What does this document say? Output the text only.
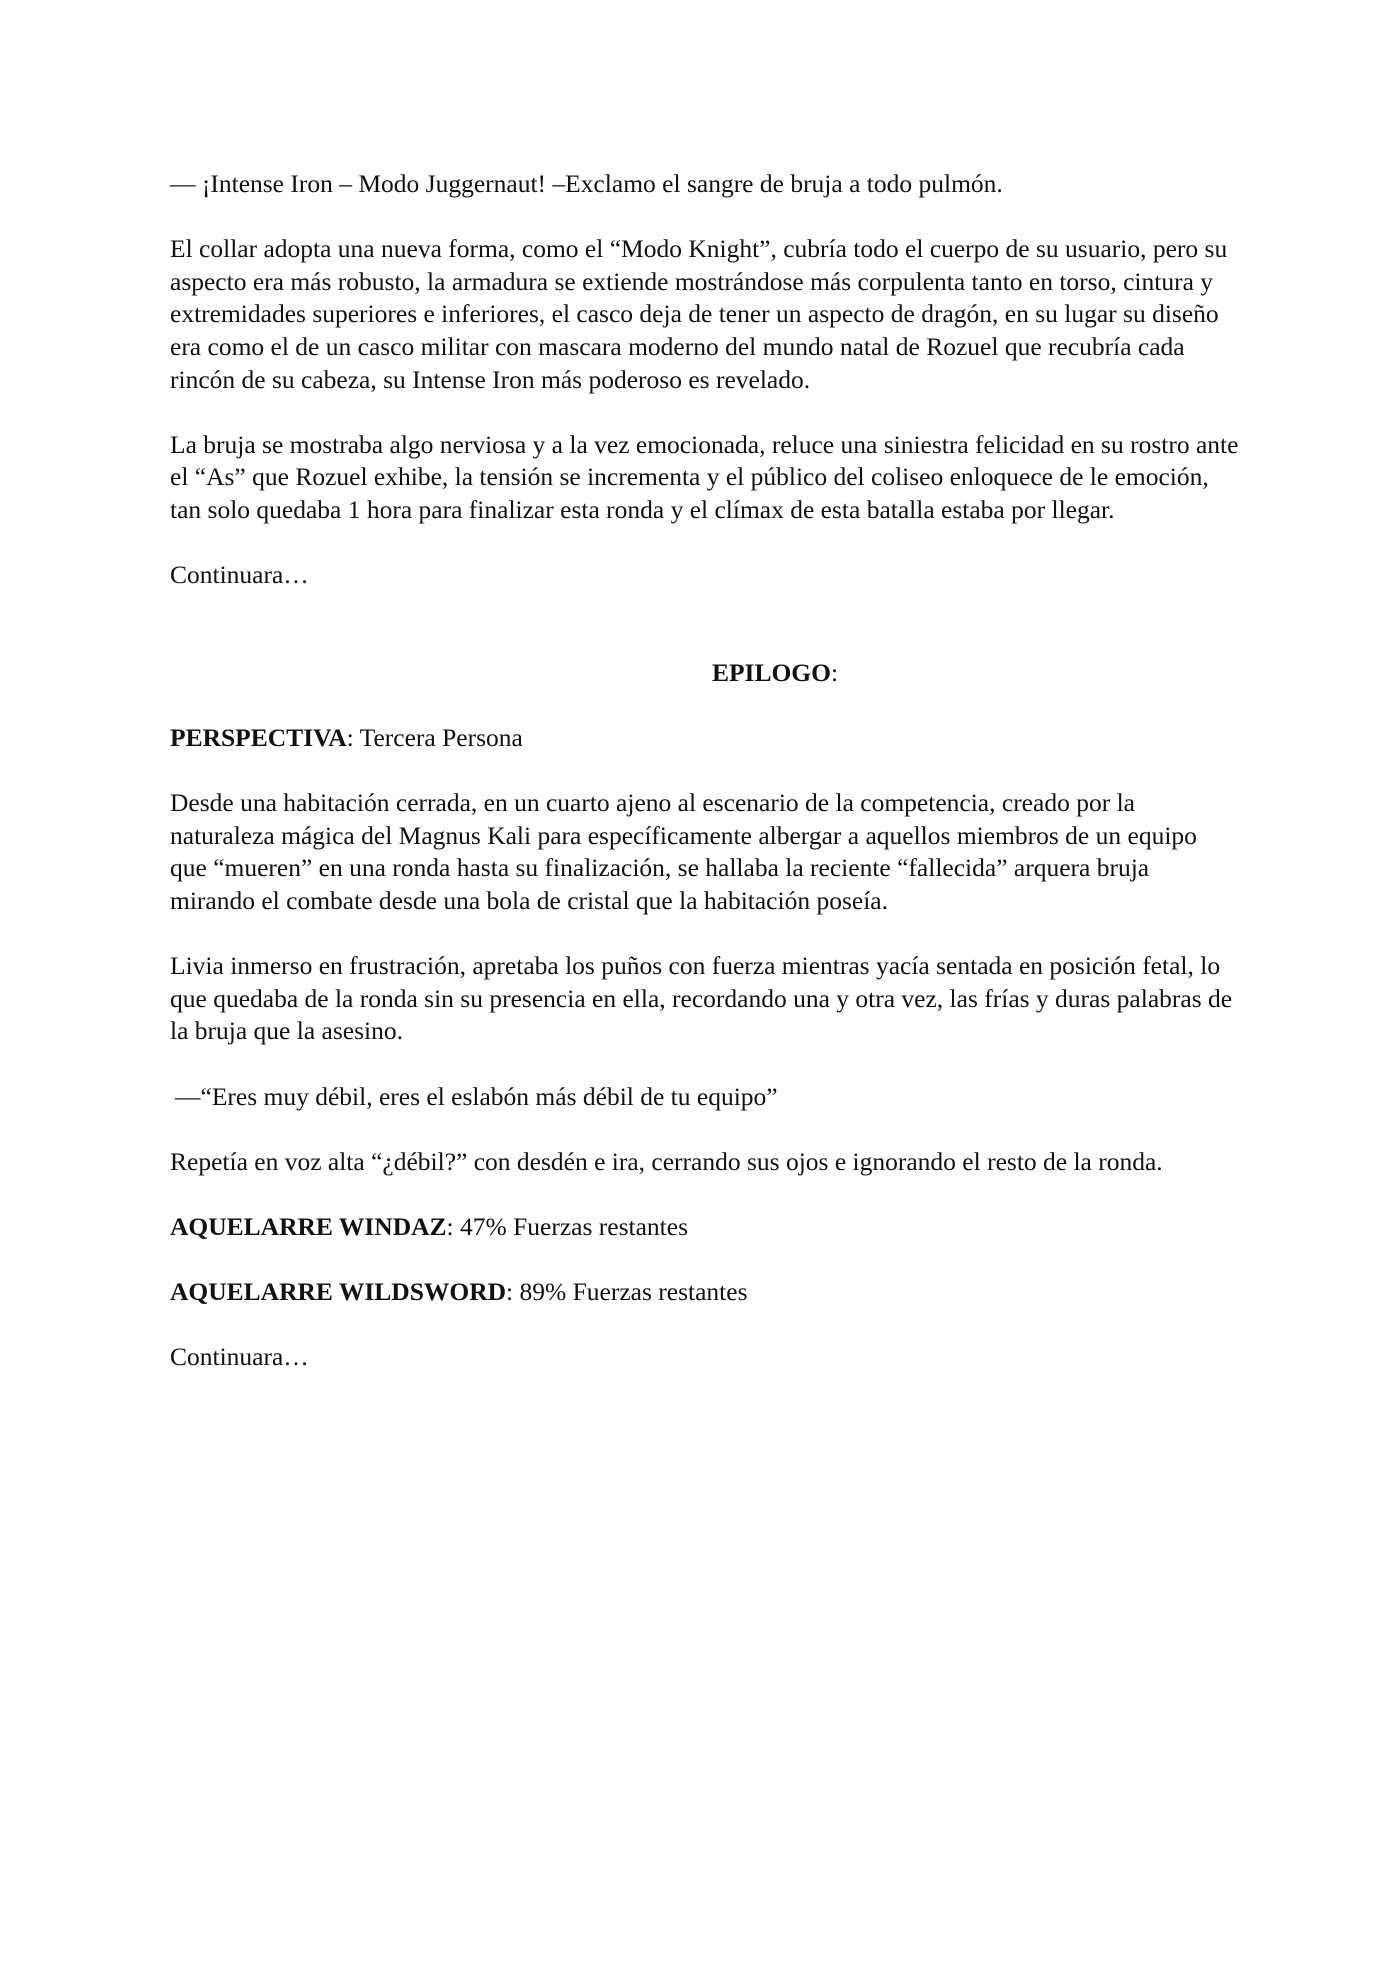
— ¡Intense Iron – Modo Juggernaut! –Exclamo el sangre de bruja a todo pulmón.

El collar adopta una nueva forma, como el “Modo Knight”, cubría todo el cuerpo de su usuario, pero su aspecto era más robusto, la armadura se extiende mostrándose más corpulenta tanto en torso, cintura y extremidades superiores e inferiores, el casco deja de tener un aspecto de dragón, en su lugar su diseño era como el de un casco militar con mascara moderno del mundo natal de Rozuel que recubría cada rincón de su cabeza, su Intense Iron más poderoso es revelado.

La bruja se mostraba algo nerviosa y a la vez emocionada, reluce una siniestra felicidad en su rostro ante el “As” que Rozuel exhibe, la tensión se incrementa y el público del coliseo enloquece de le emoción, tan solo quedaba 1 hora para finalizar esta ronda y el clímax de esta batalla estaba por llegar.

Continuara…

EPILOGO:

PERSPECTIVA: Tercera Persona

Desde una habitación cerrada, en un cuarto ajeno al escenario de la competencia, creado por la naturaleza mágica del Magnus Kali para específicamente albergar a aquellos miembros de un equipo que “mueren” en una ronda hasta su finalización, se hallaba la reciente “fallecida” arquera bruja mirando el combate desde una bola de cristal que la habitación poseía.

Livia inmerso en frustración, apretaba los puños con fuerza mientras yacía sentada en posición fetal, lo que quedaba de la ronda sin su presencia en ella, recordando una y otra vez, las frías y duras palabras de la bruja que la asesino.

—“Eres muy débil, eres el eslabón más débil de tu equipo”

Repetía en voz alta “¿débil?” con desdén e ira, cerrando sus ojos e ignorando el resto de la ronda.

AQUELARRE WINDAZ: 47% Fuerzas restantes

AQUELARRE WILDSWORD: 89% Fuerzas restantes

Continuara…
